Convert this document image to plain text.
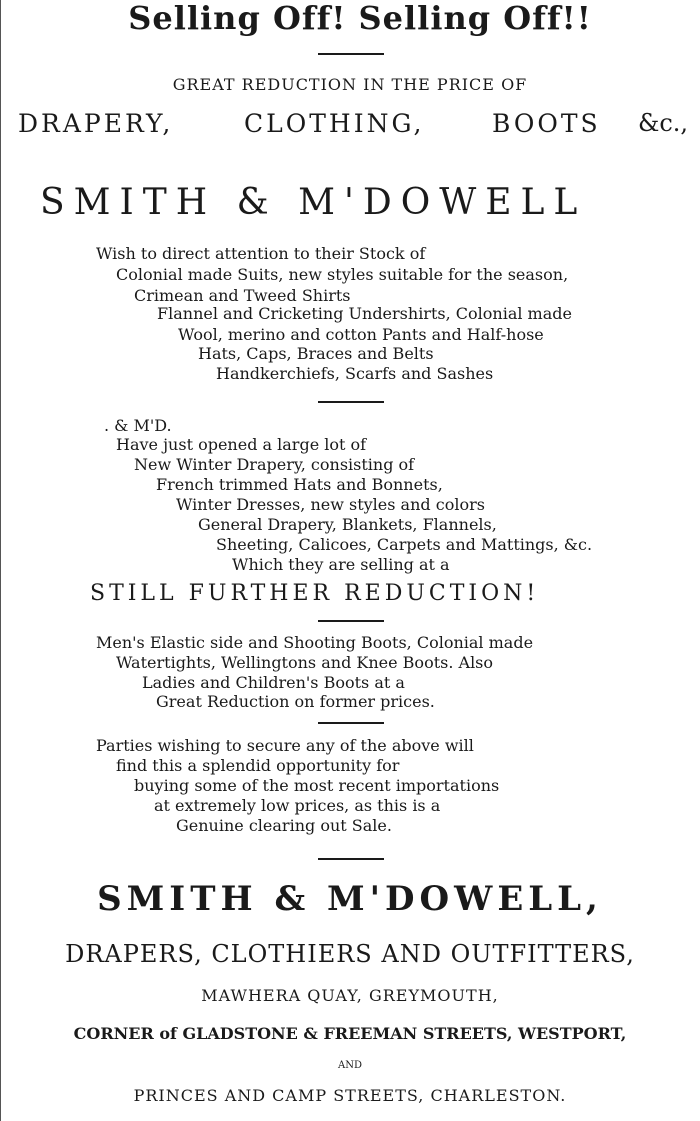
Selling Off! Selling Off!!
GREAT REDUCTION IN THE PRICE OF
DRAPERY,	CLOTHING,	BOOTS &c.,
SMITH & M'DOWELL
Wish to direct attention to their Stock of
Colonial made Suits, new styles suitable for the season,
Crimean and Tweed Shirts
Flannel and Cricketing Undershirts, Colonial made
Wool, merino and cotton Pants and Half-hose
Hats, Caps, Braces and Belts
Handkerchiefs, Scarfs and Sashes
. & M'D.
Have just opened a large lot of
New Winter Drapery, consisting of
French trimmed Hats and Bonnets,
Winter Dresses, new styles and colors
General Drapery, Blankets, Flannels,
Sheeting, Calicoes, Carpets and Mattings, &c.
Which they are selling at a
STILL FURTHER REDUCTION!
Men's Elastic side and Shooting Boots, Colonial made
Watertights, Wellingtons and Knee Boots. Also
Ladies and Children's Boots at a
Great Reduction on former prices.
Parties wishing to secure any of the above will
find this a splendid opportunity for
buying some of the most recent importations
at extremely low prices, as this is a
Genuine clearing out Sale.
SMITH & M'DOWELL,
DRAPERS, CLOTHIERS AND OUTFITTERS,
MAWHERA QUAY, GREYMOUTH,
CORNER of GLADSTONE & FREEMAN STREETS, WESTPORT,
AND
PRINCES AND CAMP STREETS, CHARLESTON.
